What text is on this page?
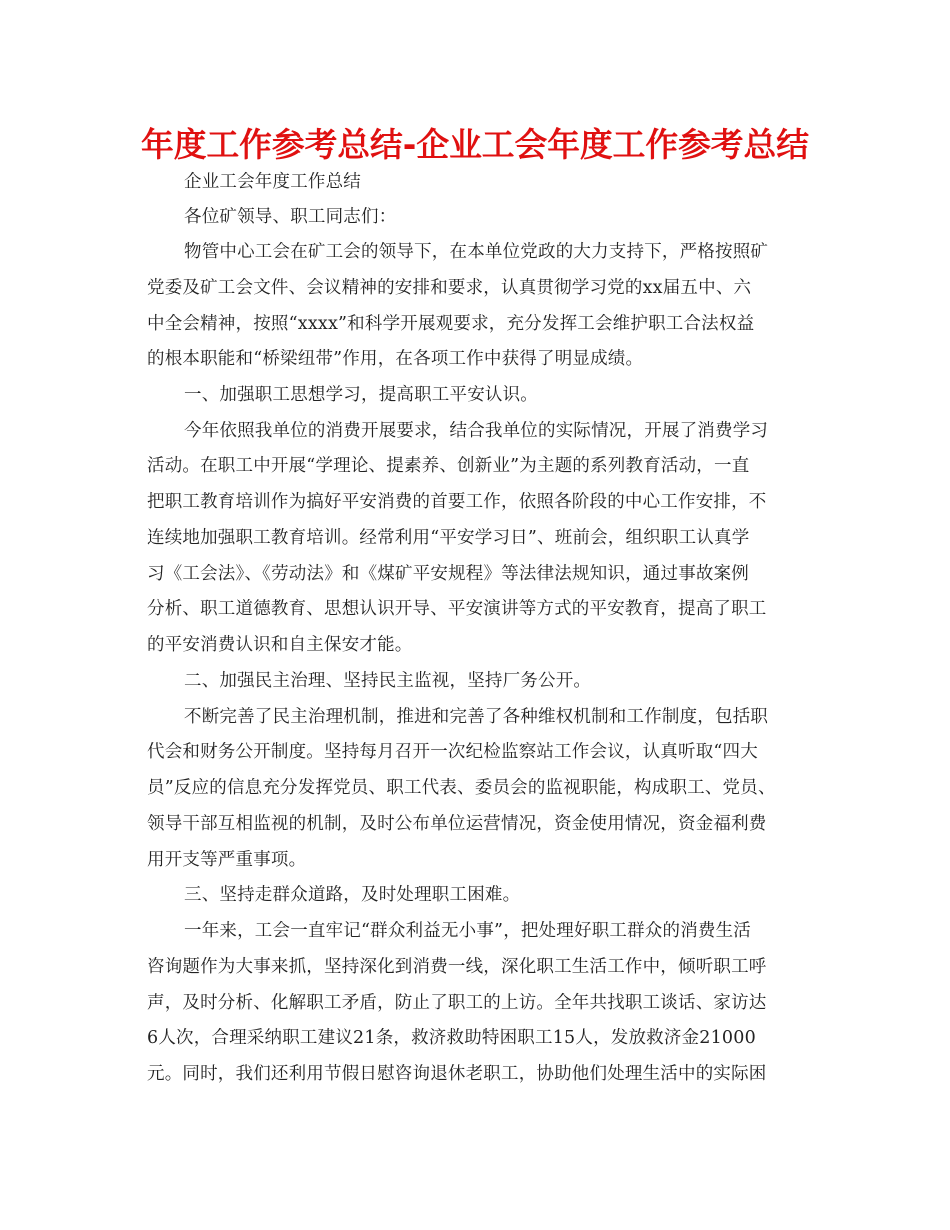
年度工作参考总结-企业工会年度工作参考总结
企业工会年度工作总结
各位矿领导、职工同志们：
物管中心工会在矿工会的领导下，在本单位党政的大力支持下，严格按照矿
党委及矿工会文件、会议精神的安排和要求，认真贯彻学习党的xx届五中、六
中全会精神，按照“xxxx”和科学开展观要求，充分发挥工会维护职工合法权益
的根本职能和“桥梁纽带”作用，在各项工作中获得了明显成绩。
一、加强职工思想学习，提高职工平安认识。
今年依照我单位的消费开展要求，结合我单位的实际情况，开展了消费学习
活动。在职工中开展“学理论、提素养、创新业”为主题的系列教育活动，一直
把职工教育培训作为搞好平安消费的首要工作，依照各阶段的中心工作安排，不
连续地加强职工教育培训。经常利用“平安学习日”、班前会，组织职工认真学
习《工会法》、《劳动法》和《煤矿平安规程》等法律法规知识，通过事故案例
分析、职工道德教育、思想认识开导、平安演讲等方式的平安教育，提高了职工
的平安消费认识和自主保安才能。
二、加强民主治理、坚持民主监视，坚持厂务公开。
不断完善了民主治理机制，推进和完善了各种维权机制和工作制度，包括职
代会和财务公开制度。坚持每月召开一次纪检监察站工作会议，认真听取“四大
员”反应的信息充分发挥党员、职工代表、委员会的监视职能，构成职工、党员、
领导干部互相监视的机制，及时公布单位运营情况，资金使用情况，资金福利费
用开支等严重事项。
三、坚持走群众道路，及时处理职工困难。
一年来，工会一直牢记“群众利益无小事”，把处理好职工群众的消费生活
咨询题作为大事来抓，坚持深化到消费一线，深化职工生活工作中，倾听职工呼
声，及时分析、化解职工矛盾，防止了职工的上访。全年共找职工谈话、家访达
6人次，合理采纳职工建议21条，救济救助特困职工15人，发放救济金21000
元。同时，我们还利用节假日慰咨询退休老职工，协助他们处理生活中的实际困
